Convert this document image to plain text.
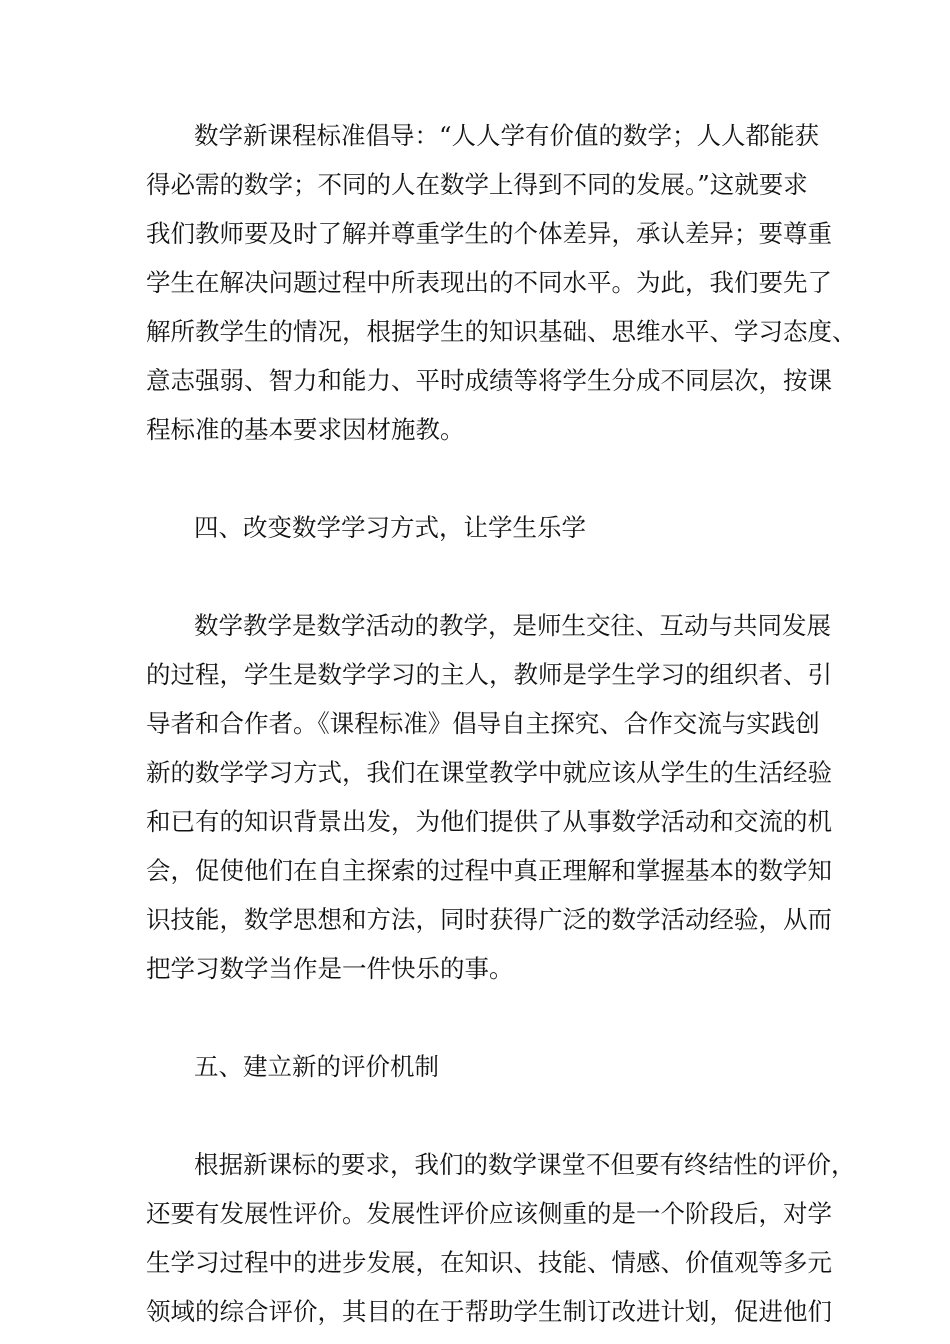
数学新课程标准倡导：“人人学有价值的数学；人人都能获
得必需的数学；不同的人在数学上得到不同的发展。”这就要求
我们教师要及时了解并尊重学生的个体差异，承认差异；要尊重
学生在解决问题过程中所表现出的不同水平。为此，我们要先了
解所教学生的情况，根据学生的知识基础、思维水平、学习态度、
意志强弱、智力和能力、平时成绩等将学生分成不同层次，按课
程标准的基本要求因材施教。
四、改变数学学习方式，让学生乐学
数学教学是数学活动的教学，是师生交往、互动与共同发展
的过程，学生是数学学习的主人，教师是学生学习的组织者、引
导者和合作者。《课程标准》倡导自主探究、合作交流与实践创
新的数学学习方式，我们在课堂教学中就应该从学生的生活经验
和已有的知识背景出发，为他们提供了从事数学活动和交流的机
会，促使他们在自主探索的过程中真正理解和掌握基本的数学知
识技能，数学思想和方法，同时获得广泛的数学活动经验，从而
把学习数学当作是一件快乐的事。
五、建立新的评价机制
根据新课标的要求，我们的数学课堂不但要有终结性的评价，
还要有发展性评价。发展性评价应该侧重的是一个阶段后，对学
生学习过程中的进步发展，在知识、技能、情感、价值观等多元
领域的综合评价，其目的在于帮助学生制订改进计划，促进他们
